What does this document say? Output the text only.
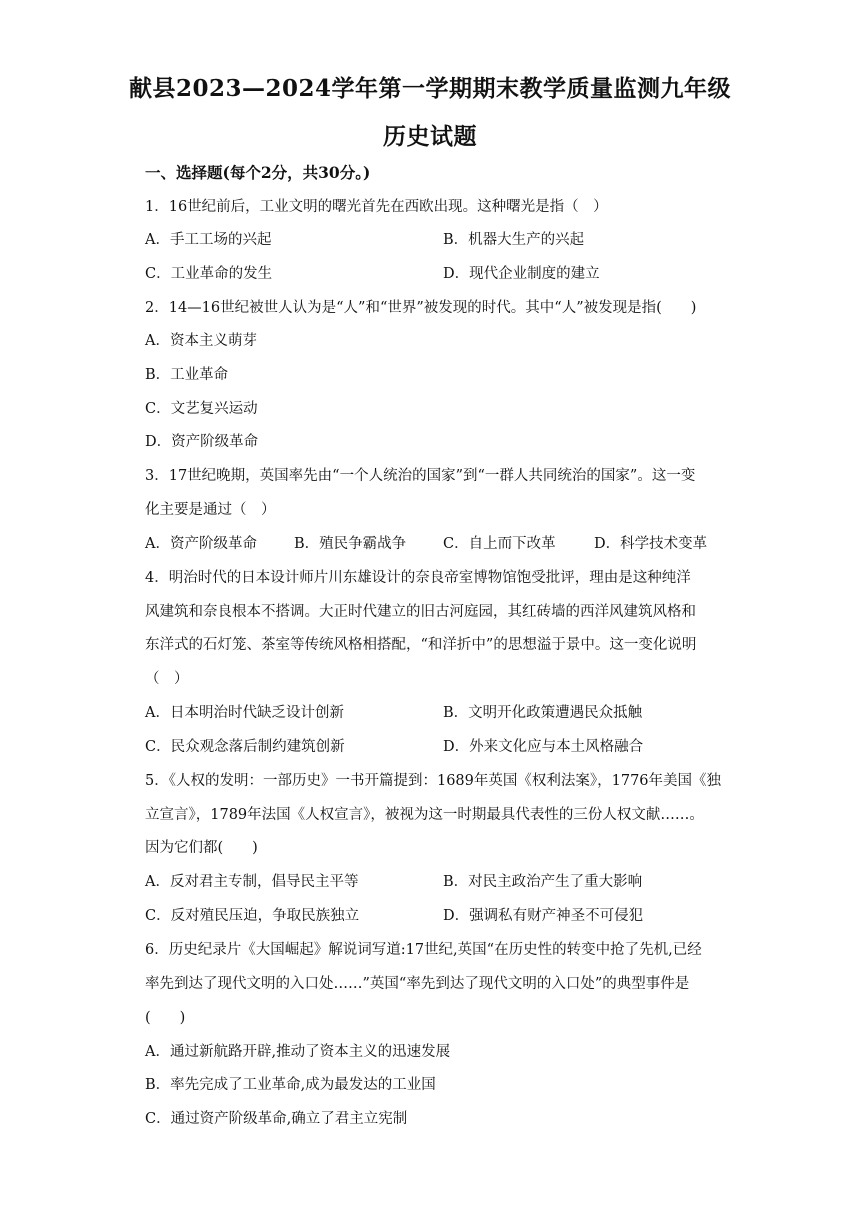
献县2023—2024学年第一学期期末教学质量监测九年级
历史试题
一、选择题(每个2分，共30分。)
1．16世纪前后，工业文明的曙光首先在西欧出现。这种曙光是指（　）
A．手工工场的兴起	B．机器大生产的兴起
C．工业革命的发生	D．现代企业制度的建立
2．14—16世纪被世人认为是“人”和“世界”被发现的时代。其中“人”被发现是指(　　)
A．资本主义萌芽
B．工业革命
C．文艺复兴运动
D．资产阶级革命
3．17世纪晚期，英国率先由“一个人统治的国家”到“一群人共同统治的国家”。这一变
化主要是通过（　）
A．资产阶级革命	B．殖民争霸战争	C．自上而下改革	D．科学技术变革
4．明治时代的日本设计师片川东雄设计的奈良帝室博物馆饱受批评，理由是这种纯洋
风建筑和奈良根本不搭调。大正时代建立的旧古河庭园，其红砖墙的西洋风建筑风格和
东洋式的石灯笼、茶室等传统风格相搭配，“和洋折中”的思想溢于景中。这一变化说明
（　）
A．日本明治时代缺乏设计创新	B．文明开化政策遭遇民众抵触
C．民众观念落后制约建筑创新	D．外来文化应与本土风格融合
5．《人权的发明：一部历史》一书开篇提到：1689年英国《权利法案》，1776年美国《独
立宣言》，1789年法国《人权宣言》，被视为这一时期最具代表性的三份人权文献……。
因为它们都(　　)
A．反对君主专制，倡导民主平等	B．对民主政治产生了重大影响
C．反对殖民压迫，争取民族独立	D．强调私有财产神圣不可侵犯
6．历史纪录片《大国崛起》解说词写道:17世纪,英国“在历史性的转变中抢了先机,已经
率先到达了现代文明的入口处……”英国“率先到达了现代文明的入口处”的典型事件是
(　　)
A．通过新航路开辟,推动了资本主义的迅速发展
B．率先完成了工业革命,成为最发达的工业国
C．通过资产阶级革命,确立了君主立宪制
